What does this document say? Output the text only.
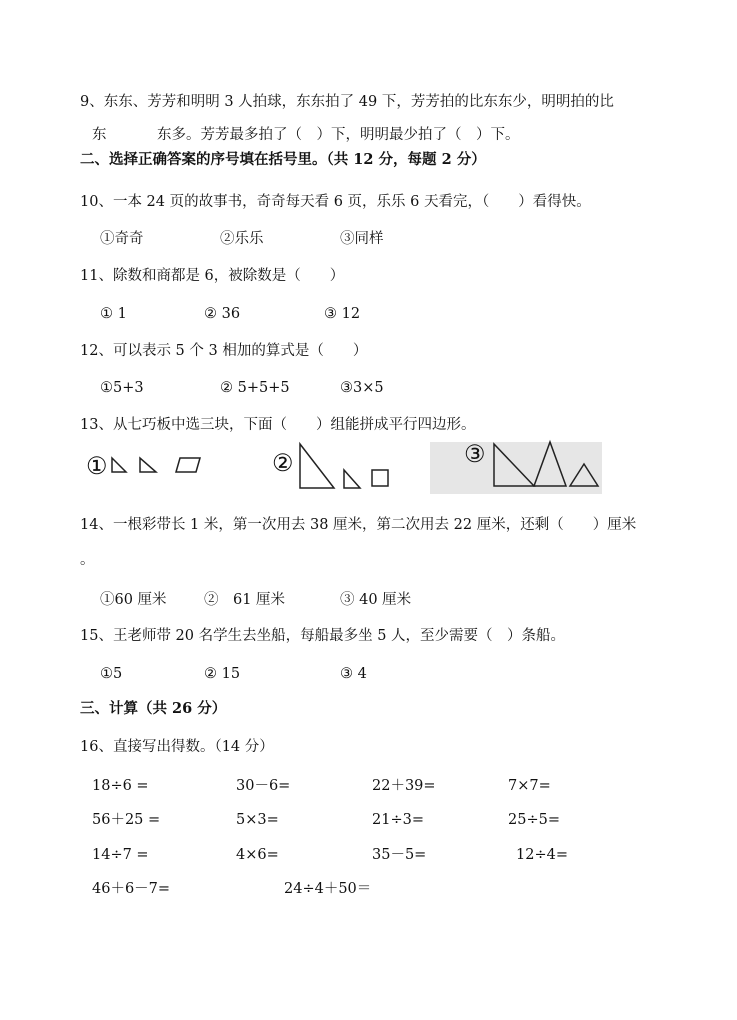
9、东东、芳芳和明明 3 人拍球，东东拍了 49 下，芳芳拍的比东东少，明明拍的比
东	东多。芳芳最多拍了（　）下，明明最少拍了（　）下。
二、选择正确答案的序号填在括号里。（共 12 分，每题 2 分）
10、一本 24 页的故事书，奇奇每天看 6 页，乐乐 6 天看完，（　　）看得快。
①奇奇	②乐乐	③同样
11、除数和商都是 6，被除数是（　　）
① 1	② 36	③ 12
12、可以表示 5 个 3 相加的算式是（　　）
①5+3	② 5+5+5	③3×5
13、从七巧板中选三块，下面（　　）组能拼成平行四边形。
①	②	③
14、一根彩带长 1 米，第一次用去 38 厘米，第二次用去 22 厘米，还剩（　　）厘米
。
①60 厘米	②　61 厘米	③ 40 厘米
15、王老师带 20 名学生去坐船，每船最多坐 5 人，至少需要（　）条船。
①5	② 15	③ 4
三、计算（共 26 分）
16、直接写出得数。（14 分）
18÷6 =	30－6=	22＋39=	7×7=
56＋25 =	5×3=	21÷3=	25÷5=
14÷7 =	4×6=	35－5=	12÷4=
46＋6－7=	24÷4＋50＝
